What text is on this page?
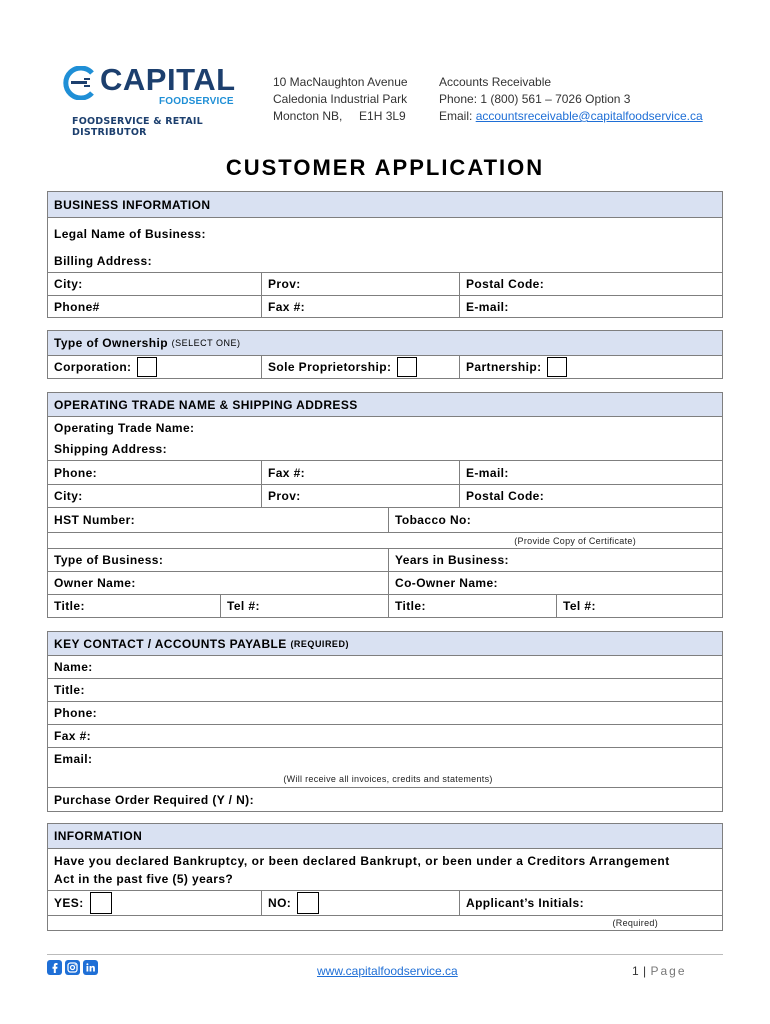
CAPITAL
FOODSERVICE
FOODSERVICE & RETAIL DISTRIBUTOR
10 MacNaughton Avenue
Caledonia Industrial Park
Moncton NB,     E1H 3L9
Accounts Receivable
Phone: 1 (800) 561 – 7026 Option 3
Email: accountsreceivable@capitalfoodservice.ca
CUSTOMER APPLICATION
BUSINESS INFORMATION
Legal Name of Business:
Billing Address:
City:	Prov:	Postal Code:
Phone#	Fax #:	E-mail:
Type of Ownership
(SELECT ONE)
Corporation:	Sole Proprietorship:	Partnership:
OPERATING TRADE NAME & SHIPPING ADDRESS
Operating Trade Name:
Shipping Address:
Phone:	Fax #:	E-mail:
City:	Prov:	Postal Code:
HST Number:	Tobacco No:
(Provide Copy of Certificate)
Type of Business:	Years in Business:
Owner Name:	Co-Owner Name:
Title:	Tel #:	Title:	Tel #:
KEY CONTACT / ACCOUNTS PAYABLE
(REQUIRED)
Name:
Title:
Phone:
Fax #:
Email:
(Will receive all invoices, credits and statements)
Purchase Order Required (Y / N):
INFORMATION
Have you declared Bankruptcy, or been declared Bankrupt, or been under a Creditors Arrangement
Act in the past five (5) years?
YES:	NO:	Applicant’s Initials:
(Required)
www.capitalfoodservice.ca	1 | Page
